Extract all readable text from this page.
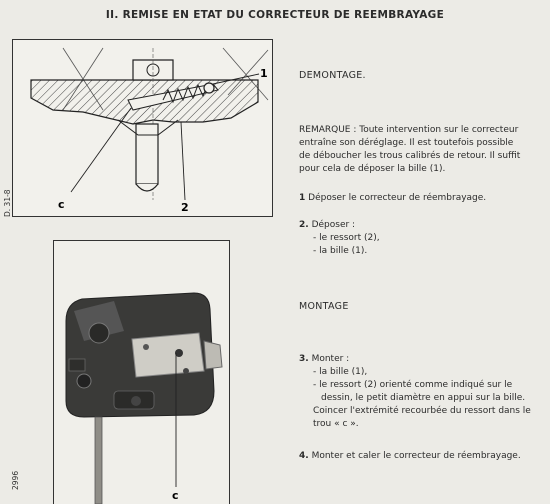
II. REMISE EN ETAT DU CORRECTEUR DE REEMBRAYAGE
1
2
c
D. 31-8
c
2996
DEMONTAGE.
REMARQUE : Toute intervention sur le correcteur
entraîne son déréglage. Il est toutefois possible
de déboucher les trous calibrés de retour. Il suffit
pour cela de déposer la bille (1).
1 Déposer le correcteur de réembrayage.
2. Déposer :
- le ressort (2),
- la bille (1).
MONTAGE
3. Monter :
- la bille (1),
- le ressort (2) orienté comme indiqué sur le
dessin, le petit diamètre en appui sur la bille.
Coincer l'extrémité recourbée du ressort dans le
trou « c ».
4. Monter et caler le correcteur de réembrayage.
